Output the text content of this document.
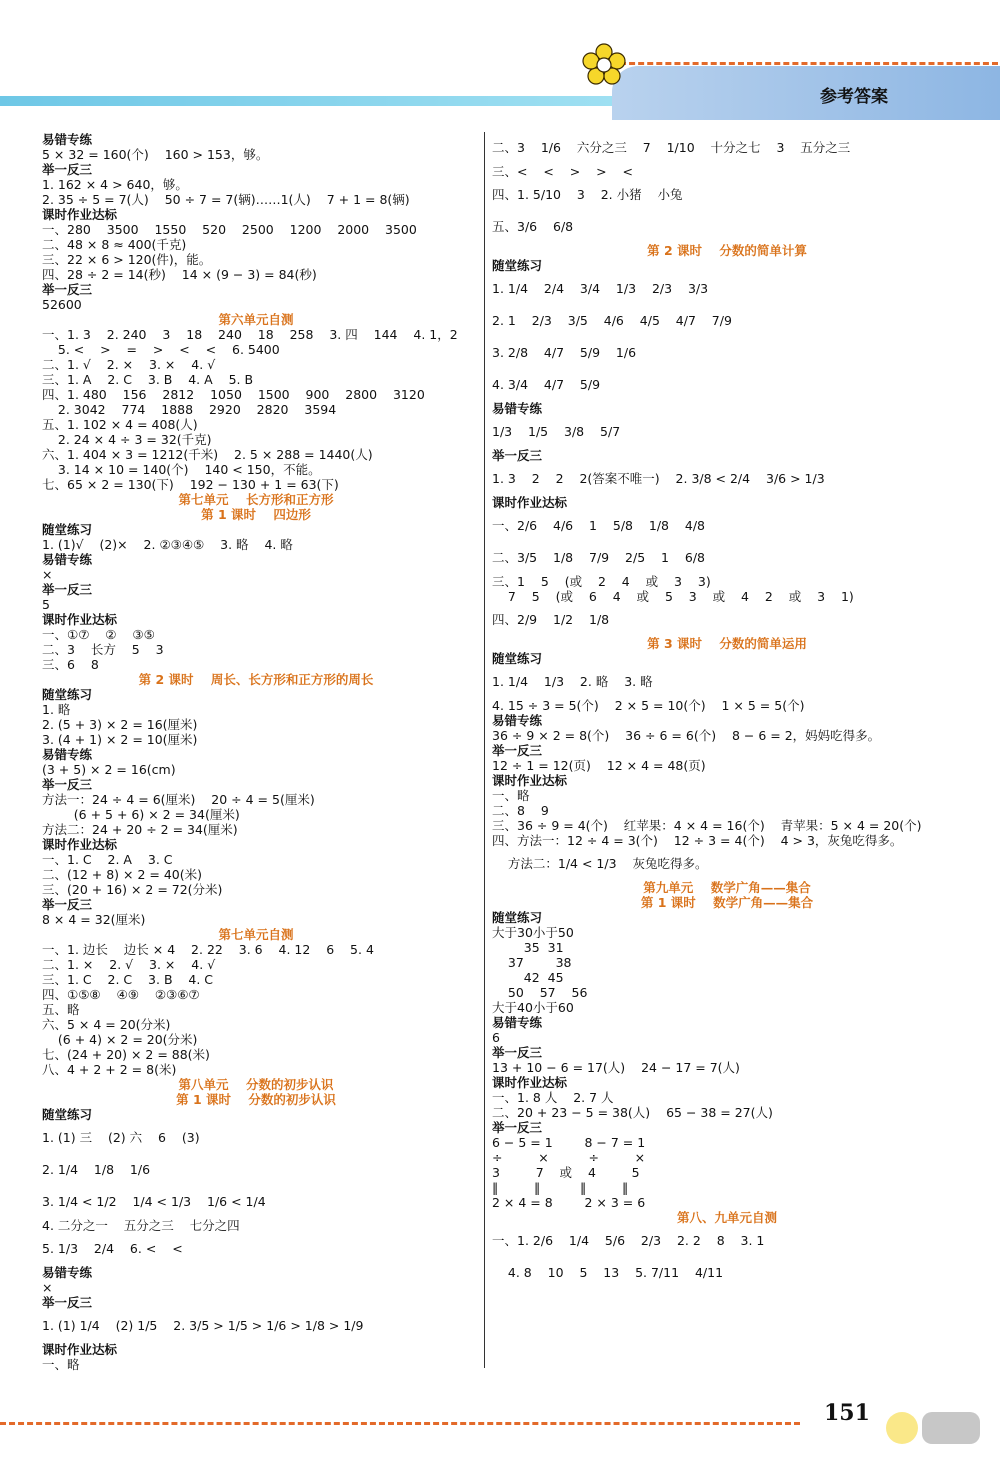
参考答案
易错专练
5 × 32 = 160(个)    160 > 153，够。
举一反三
1. 162 × 4 > 640，够。
2. 35 ÷ 5 = 7(人)    50 ÷ 7 = 7(辆)……1(人)    7 + 1 = 8(辆)
课时作业达标
一、280    3500    1550    520    2500    1200    2000    3500
二、48 × 8 ≈ 400(千克)
三、22 × 6 > 120(件)，能。
四、28 ÷ 2 = 14(秒)    14 × (9 − 3) = 84(秒)
举一反三
52600
第六单元自测
一、1. 3    2. 240    3    18    240    18    258    3. 四    144    4. 1，2
5. <    >    =    >    <    <    6. 5400
二、1. √    2. ×    3. ×    4. √
三、1. A    2. C    3. B    4. A    5. B
四、1. 480    156    2812    1050    1500    900    2800    3120
2. 3042    774    1888    2920    2820    3594
五、1. 102 × 4 = 408(人)
2. 24 × 4 ÷ 3 = 32(千克)
六、1. 404 × 3 = 1212(千米)    2. 5 × 288 = 1440(人)
3. 14 × 10 = 140(个)    140 < 150，不能。
七、65 × 2 = 130(下)    192 − 130 + 1 = 63(下)
第七单元    长方形和正方形
第 1 课时    四边形
随堂练习
1. (1)√    (2)×    2. ②③④⑤    3. 略    4. 略
易错专练
×
举一反三
5
课时作业达标
一、①⑦    ②    ③⑤
二、3    长方    5    3
三、6    8
第 2 课时    周长、长方形和正方形的周长
随堂练习
1. 略
2. (5 + 3) × 2 = 16(厘米)
3. (4 + 1) × 2 = 10(厘米)
易错专练
(3 + 5) × 2 = 16(cm)
举一反三
方法一：24 ÷ 4 = 6(厘米)    20 ÷ 4 = 5(厘米)
(6 + 5 + 6) × 2 = 34(厘米)
方法二：24 + 20 ÷ 2 = 34(厘米)
课时作业达标
一、1. C    2. A    3. C
二、(12 + 8) × 2 = 40(米)
三、(20 + 16) × 2 = 72(分米)
举一反三
8 × 4 = 32(厘米)
第七单元自测
一、1. 边长    边长 × 4    2. 22    3. 6    4. 12    6    5. 4
二、1. ×    2. √    3. ×    4. √
三、1. C    2. C    3. B    4. C
四、①⑤⑧    ④⑨    ②③⑥⑦
五、略
六、5 × 4 = 20(分米)
(6 + 4) × 2 = 20(分米)
七、(24 + 20) × 2 = 88(米)
八、4 + 2 + 2 = 8(米)
第八单元    分数的初步认识
第 1 课时    分数的初步认识
随堂练习
1. (1) 三    (2) 六    6    (3)
2. 1/4    1/8    1/6
3. 1/4 < 1/2    1/4 < 1/3    1/6 < 1/4
4. 二分之一    五分之三    七分之四
5. 1/3    2/4    6. <    <
易错专练
×
举一反三
1. (1) 1/4    (2) 1/5    2. 3/5 > 1/5 > 1/6 > 1/8 > 1/9
课时作业达标
一、略
二、3    1/6    六分之三    7    1/10    十分之七    3    五分之三
三、<    <    >    >    <
四、1. 5/10    3    2. 小猪    小兔
五、3/6    6/8
第 2 课时    分数的简单计算
随堂练习
1. 1/4    2/4    3/4    1/3    2/3    3/3
2. 1    2/3    3/5    4/6    4/5    4/7    7/9
3. 2/8    4/7    5/9    1/6
4. 3/4    4/7    5/9
易错专练
1/3    1/5    3/8    5/7
举一反三
1. 3    2    2    2(答案不唯一)    2. 3/8 < 2/4    3/6 > 1/3
课时作业达标
一、2/6    4/6    1    5/8    1/8    4/8
二、3/5    1/8    7/9    2/5    1    6/8
三、1    5    (或    2    4    或    3    3)
7    5    (或    6    4    或    5    3    或    4    2    或    3    1)
四、2/9    1/2    1/8
第 3 课时    分数的简单运用
随堂练习
1. 1/4    1/3    2. 略    3. 略
4. 15 ÷ 3 = 5(个)    2 × 5 = 10(个)    1 × 5 = 5(个)
易错专练
36 ÷ 9 × 2 = 8(个)    36 ÷ 6 = 6(个)    8 − 6 = 2，妈妈吃得多。
举一反三
12 ÷ 1 = 12(页)    12 × 4 = 48(页)
课时作业达标
一、略
二、8    9
三、36 ÷ 9 = 4(个)    红苹果：4 × 4 = 16(个)    青苹果：5 × 4 = 20(个)
四、方法一：12 ÷ 4 = 3(个)    12 ÷ 3 = 4(个)    4 > 3，灰兔吃得多。
方法二：1/4 < 1/3    灰兔吃得多。
第九单元    数学广角——集合
第 1 课时    数学广角——集合
随堂练习
大于30小于50
35  31
37        38
42  45
50    57    56
大于40小于60
易错专练
6
举一反三
13 + 10 − 6 = 17(人)    24 − 17 = 7(人)
课时作业达标
一、1. 8 人    2. 7 人
二、20 + 23 − 5 = 38(人)    65 − 38 = 27(人)
举一反三
6 − 5 = 1        8 − 7 = 1
÷         ×          ÷         ×
3         7    或    4         5
‖         ‖          ‖         ‖
2 × 4 = 8        2 × 3 = 6
第八、九单元自测
一、1. 2/6    1/4    5/6    2/3    2. 2    8    3. 1
4. 8    10    5    13    5. 7/11    4/11
151
